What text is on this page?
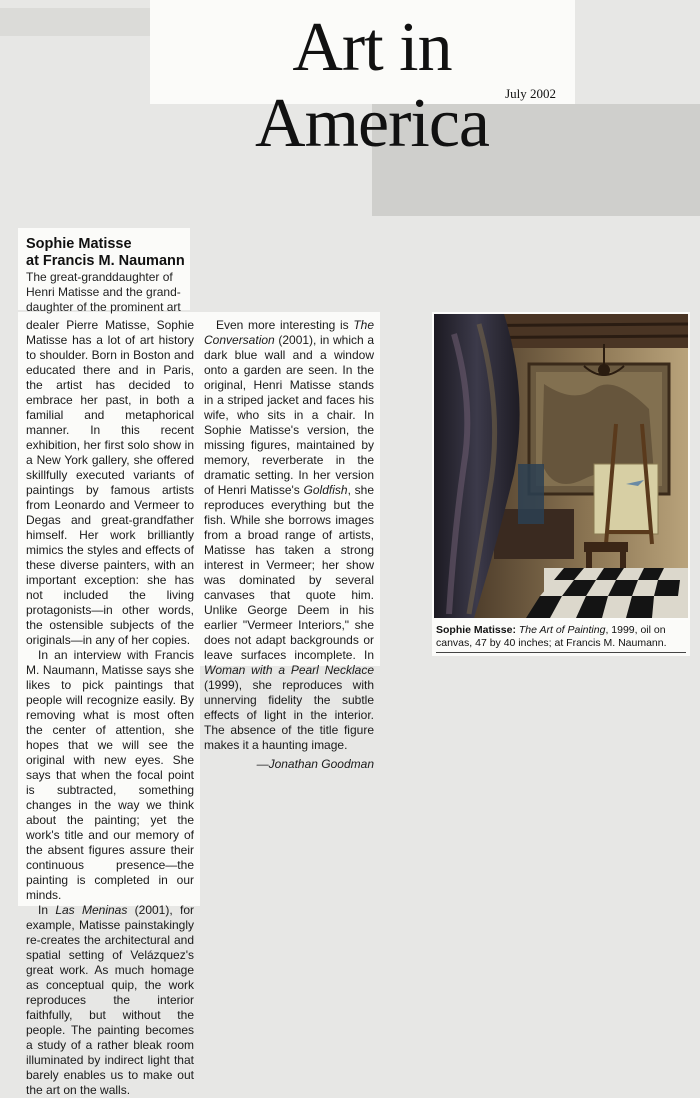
Art in America	July 2002
Sophie Matisse
at Francis M. Naumann
The great-granddaughter of Henri Matisse and the grand-daughter of the prominent art

dealer Pierre Matisse, Sophie Matisse has a lot of art history to shoulder. Born in Boston and educated there and in Paris, the artist has decided to embrace her past, in both a familial and metaphorical manner. In this recent exhibition, her first solo show in a New York gallery, she offered skillfully executed variants of paintings by famous artists from Leonardo and Vermeer to Degas and great-grandfather himself. Her work brilliantly mimics the styles and effects of these diverse painters, with an important exception: she has not included the living protagonists—in other words, the ostensible subjects of the originals—in any of her copies.

In an interview with Francis M. Naumann, Matisse says she likes to pick paintings that people will recognize easily. By removing what is most often the center of attention, she hopes that we will see the original with new eyes. She says that when the focal point is subtracted, something changes in the way we think about the painting; yet the work's title and our memory of the absent figures assure their continuous presence—the painting is completed in our minds.

In Las Meninas (2001), for example, Matisse painstakingly re-creates the architectural and spatial setting of Velázquez's great work. As much homage as conceptual quip, the work reproduces the interior faithfully, but without the people. The painting becomes a study of a rather bleak room illuminated by indirect light that barely enables us to make out the art on the walls.

Even more interesting is The Conversation (2001), in which a dark blue wall and a window onto a garden are seen. In the original, Henri Matisse stands in a striped jacket and faces his wife, who sits in a chair. In Sophie Matisse's version, the missing figures, maintained by memory, reverberate in the dramatic setting. In her version of Henri Matisse's Goldfish, she reproduces everything but the fish. While she borrows images from a broad range of artists, Matisse has taken a strong interest in Vermeer; her show was dominated by several canvases that quote him. Unlike George Deem in his earlier "Vermeer Interiors," she does not adapt backgrounds or leave surfaces incomplete. In Woman with a Pearl Necklace (1999), she reproduces with unnerving fidelity the subtle effects of light in the interior. The absence of the title figure makes it a haunting image.

—Jonathan Goodman

Sophie Matisse: The Art of Painting, 1999, oil on canvas, 47 by 40 inches; at Francis M. Naumann.
